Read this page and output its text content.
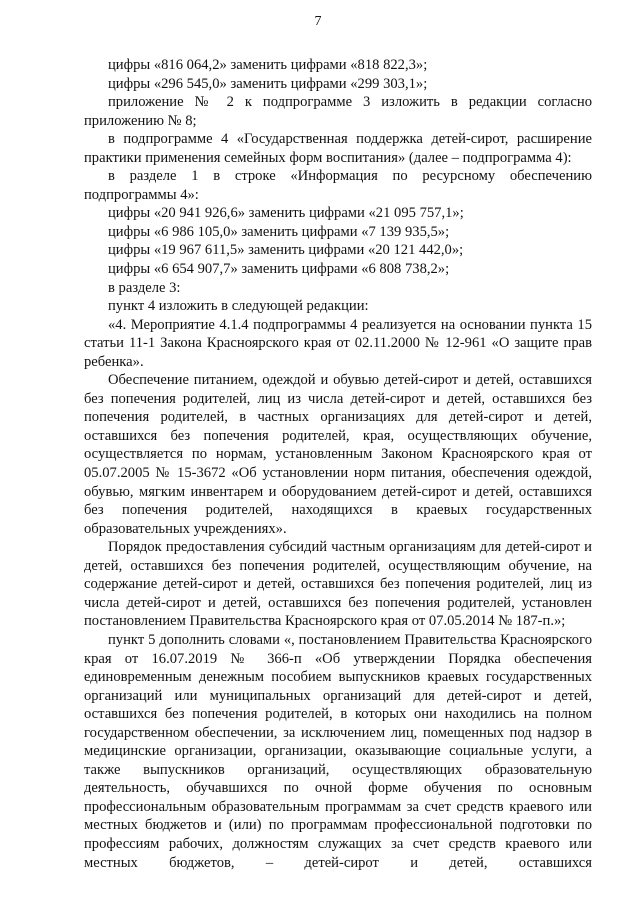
7

цифры «816 064,2» заменить цифрами «818 822,3»;

цифры «296 545,0» заменить цифрами «299 303,1»;

приложение № 2 к подпрограмме 3 изложить в редакции согласно приложению № 8;

в подпрограмме 4 «Государственная поддержка детей-сирот, расширение практики применения семейных форм воспитания» (далее – подпрограмма 4):

в разделе 1 в строке «Информация по ресурсному обеспечению подпрограммы 4»:

цифры «20 941 926,6» заменить цифрами «21 095 757,1»;

цифры «6 986 105,0» заменить цифрами «7 139 935,5»;

цифры «19 967 611,5» заменить цифрами «20 121 442,0»;

цифры «6 654 907,7» заменить цифрами «6 808 738,2»;

в разделе 3:

пункт 4 изложить в следующей редакции:

«4. Мероприятие 4.1.4 подпрограммы 4 реализуется на основании пункта 15 статьи 11-1 Закона Красноярского края от 02.11.2000 № 12-961 «О защите прав ребенка».

Обеспечение питанием, одеждой и обувью детей-сирот и детей, оставшихся без попечения родителей, лиц из числа детей-сирот и детей, оставшихся без попечения родителей, в частных организациях для детей-сирот и детей, оставшихся без попечения родителей, края, осуществляющих обучение, осуществляется по нормам, установленным Законом Красноярского края от 05.07.2005 № 15-3672 «Об установлении норм питания, обеспечения одеждой, обувью, мягким инвентарем и оборудованием детей-сирот и детей, оставшихся без попечения родителей, находящихся в краевых государственных образовательных учреждениях».

Порядок предоставления субсидий частным организациям для детей-сирот и детей, оставшихся без попечения родителей, осуществляющим обучение, на содержание детей-сирот и детей, оставшихся без попечения родителей, лиц из числа детей-сирот и детей, оставшихся без попечения родителей, установлен постановлением Правительства Красноярского края от 07.05.2014 № 187-п.»;

пункт 5 дополнить словами «, постановлением Правительства Красноярского края от 16.07.2019 № 366-п «Об утверждении Порядка обеспечения единовременным денежным пособием выпускников краевых государственных организаций или муниципальных организаций для детей-сирот и детей, оставшихся без попечения родителей, в которых они находились на полном государственном обеспечении, за исключением лиц, помещенных под надзор в медицинские организации, организации, оказывающие социальные услуги, а также выпускников организаций, осуществляющих образовательную деятельность, обучавшихся по очной форме обучения по основным профессиональным образовательным программам за счет средств краевого или местных бюджетов и (или) по программам профессиональной подготовки по профессиям рабочих, должностям служащих за счет средств краевого или местных бюджетов, – детей-сирот и детей, оставшихся
